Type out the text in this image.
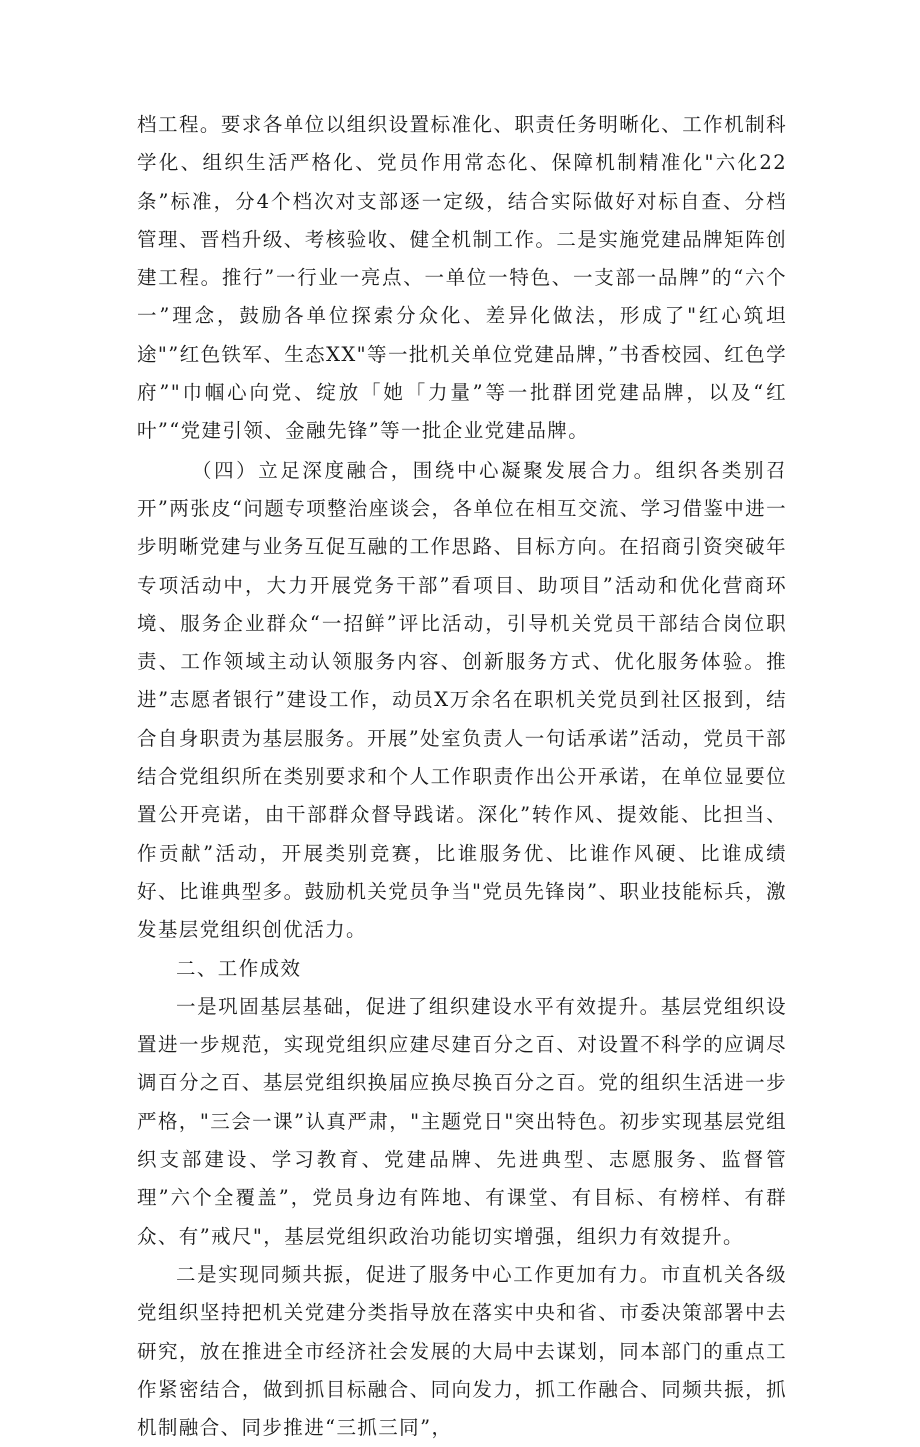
档工程。要求各单位以组织设置标准化、职责任务明晰化、工作机制科学化、组织生活严格化、党员作用常态化、保障机制精准化"六化22条”标准，分4个档次对支部逐一定级，结合实际做好对标自查、分档管理、晋档升级、考核验收、健全机制工作。二是实施党建品牌矩阵创建工程。推行”一行业一亮点、一单位一特色、一支部一品牌”的“六个一”理念，鼓励各单位探索分众化、差异化做法，形成了"红心筑坦途"”红色铁军、生态XX"等一批机关单位党建品牌，”书香校园、红色学府”"巾帼心向党、绽放「她「力量”等一批群团党建品牌，以及“红叶”“党建引领、金融先锋”等一批企业党建品牌。

（四）立足深度融合，围绕中心凝聚发展合力。组织各类别召开”两张皮“问题专项整治座谈会，各单位在相互交流、学习借鉴中进一步明晰党建与业务互促互融的工作思路、目标方向。在招商引资突破年专项活动中，大力开展党务干部”看项目、助项目”活动和优化营商环境、服务企业群众“一招鲜”评比活动，引导机关党员干部结合岗位职责、工作领域主动认领服务内容、创新服务方式、优化服务体验。推进”志愿者银行”建设工作，动员X万余名在职机关党员到社区报到，结合自身职责为基层服务。开展”处室负责人一句话承诺”活动，党员干部结合党组织所在类别要求和个人工作职责作出公开承诺，在单位显要位置公开亮诺，由干部群众督导践诺。深化”转作风、提效能、比担当、作贡献”活动，开展类别竞赛，比谁服务优、比谁作风硬、比谁成绩好、比谁典型多。鼓励机关党员争当"党员先锋岗”、职业技能标兵，激发基层党组织创优活力。

二、工作成效

一是巩固基层基础，促进了组织建设水平有效提升。基层党组织设置进一步规范，实现党组织应建尽建百分之百、对设置不科学的应调尽调百分之百、基层党组织换届应换尽换百分之百。党的组织生活进一步严格，"三会一课”认真严肃，"主题党日"突出特色。初步实现基层党组织支部建设、学习教育、党建品牌、先进典型、志愿服务、监督管理”六个全覆盖”，党员身边有阵地、有课堂、有目标、有榜样、有群众、有”戒尺"，基层党组织政治功能切实增强，组织力有效提升。

二是实现同频共振，促进了服务中心工作更加有力。市直机关各级党组织坚持把机关党建分类指导放在落实中央和省、市委决策部署中去研究，放在推进全市经济社会发展的大局中去谋划，同本部门的重点工作紧密结合，做到抓目标融合、同向发力，抓工作融合、同频共振，抓机制融合、同步推进“三抓三同”，
